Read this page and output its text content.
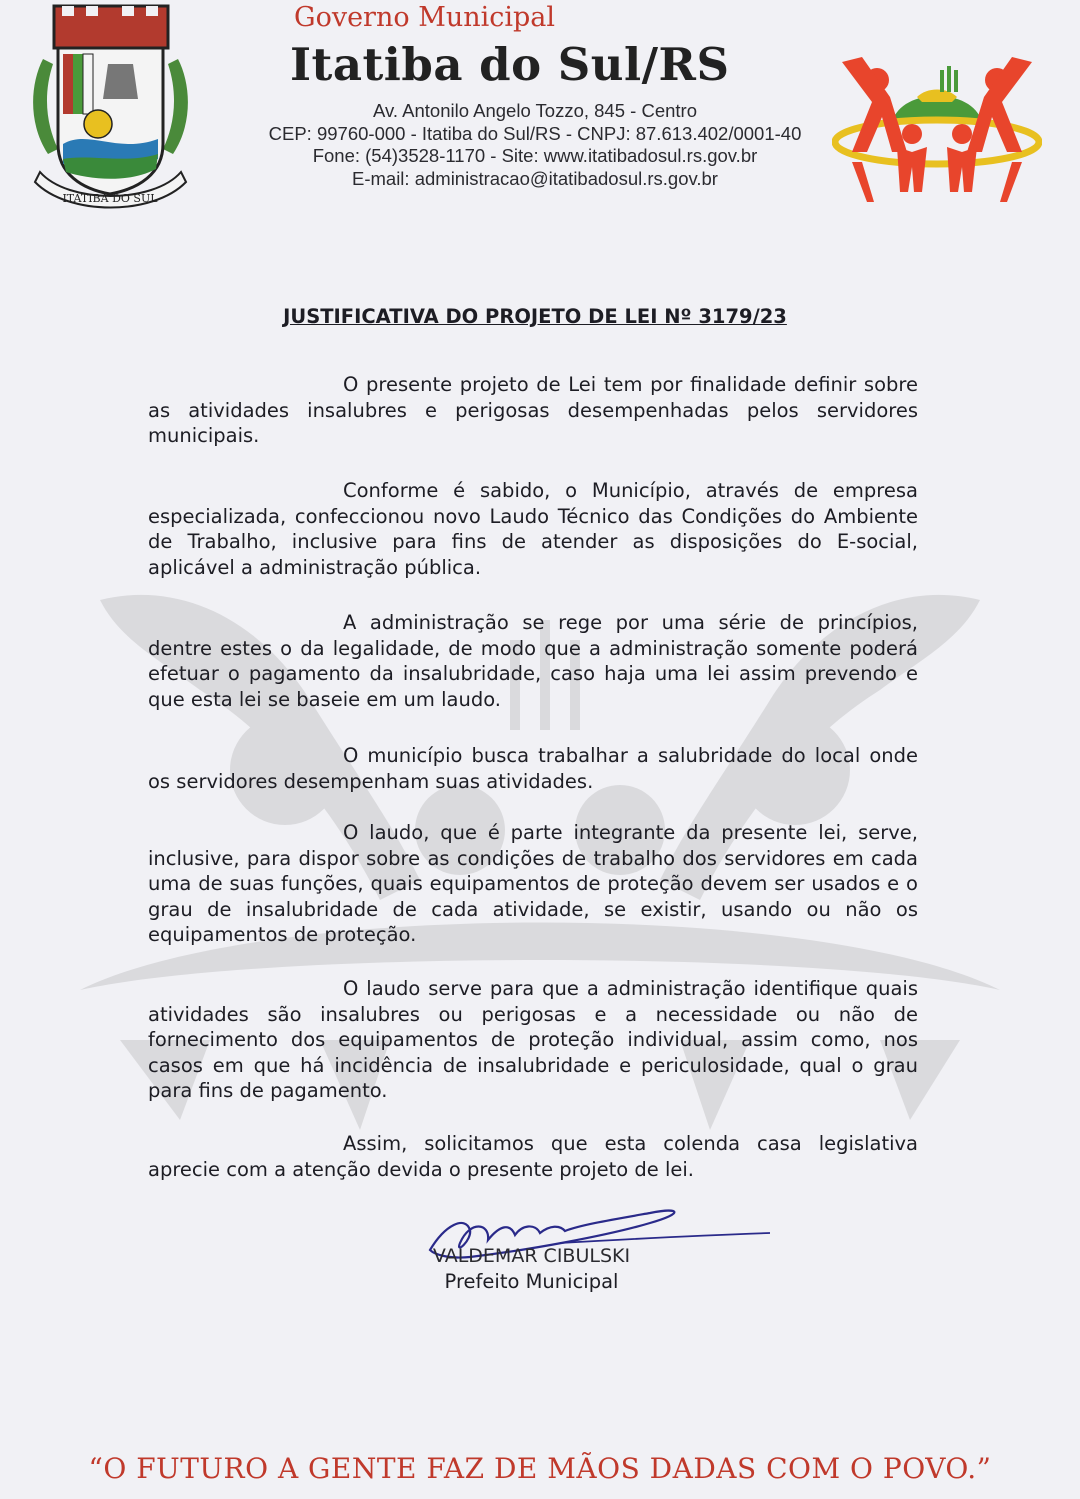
ITATIBA DO SUL
Governo Municipal
Itatiba do Sul/RS
Av. Antonilo Angelo Tozzo, 845 - Centro
CEP: 99760-000 - Itatiba do Sul/RS - CNPJ: 87.613.402/0001-40
Fone: (54)3528-1170 - Site: www.itatibadosul.rs.gov.br
E-mail: administracao@itatibadosul.rs.gov.br
JUSTIFICATIVA DO PROJETO DE LEI Nº 3179/23

O presente projeto de Lei tem por finalidade definir sobre as atividades insalubres e perigosas desempenhadas pelos servidores municipais.

Conforme é sabido, o Município, através de empresa especializada, confeccionou novo Laudo Técnico das Condições do Ambiente de Trabalho, inclusive para fins de atender as disposições do E-social, aplicável a administração pública.

A administração se rege por uma série de princípios, dentre estes o da legalidade, de modo que a administração somente poderá efetuar o pagamento da insalubridade, caso haja uma lei assim prevendo e que esta lei se baseie em um laudo.

O município busca trabalhar a salubridade do local onde os servidores desempenham suas atividades.

O laudo, que é parte integrante da presente lei, serve, inclusive, para dispor sobre as condições de trabalho dos servidores em cada uma de suas funções, quais equipamentos de proteção devem ser usados e o grau de insalubridade de cada atividade, se existir, usando ou não os equipamentos de proteção.

O laudo serve para que a administração identifique quais atividades são insalubres ou perigosas e a necessidade ou não de fornecimento dos equipamentos de proteção individual, assim como, nos casos em que há incidência de insalubridade e periculosidade, qual o grau para fins de pagamento.

Assim, solicitamos que esta colenda casa legislativa aprecie com a atenção devida o presente projeto de lei.

VALDEMAR CIBULSKI
Prefeito Municipal
“O FUTURO A GENTE FAZ DE MÃOS DADAS COM O POVO.”
